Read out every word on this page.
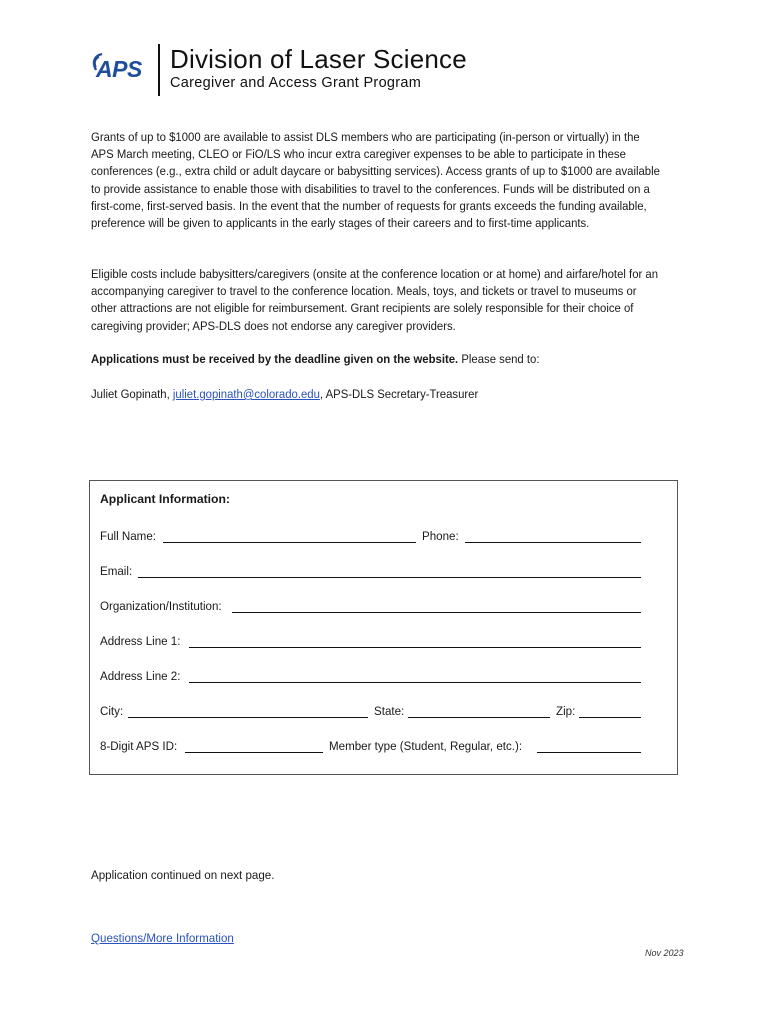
APS Division of Laser Science
Caregiver and Access Grant Program

Grants of up to $1000 are available to assist DLS members who are participating (in-person or virtually) in the APS March meeting, CLEO or FiO/LS who incur extra caregiver expenses to be able to participate in these conferences (e.g., extra child or adult daycare or babysitting services). Access grants of up to $1000 are available to provide assistance to enable those with disabilities to travel to the conferences. Funds will be distributed on a first-come, first-served basis. In the event that the number of requests for grants exceeds the funding available, preference will be given to applicants in the early stages of their careers and to first-time applicants.

Eligible costs include babysitters/caregivers (onsite at the conference location or at home) and airfare/hotel for an accompanying caregiver to travel to the conference location. Meals, toys, and tickets or travel to museums or other attractions are not eligible for reimbursement. Grant recipients are solely responsible for their choice of caregiving provider; APS-DLS does not endorse any caregiver providers.

Applications must be received by the deadline given on the website. Please send to:

Juliet Gopinath, juliet.gopinath@colorado.edu, APS-DLS Secretary-Treasurer

Applicant Information:
Full Name:	Phone:
Email:
Organization/Institution:
Address Line 1:
Address Line 2:
City:	State:	Zip:
8-Digit APS ID:	Member type (Student, Regular, etc.):
Application continued on next page.
Questions/More Information
Nov 2023
